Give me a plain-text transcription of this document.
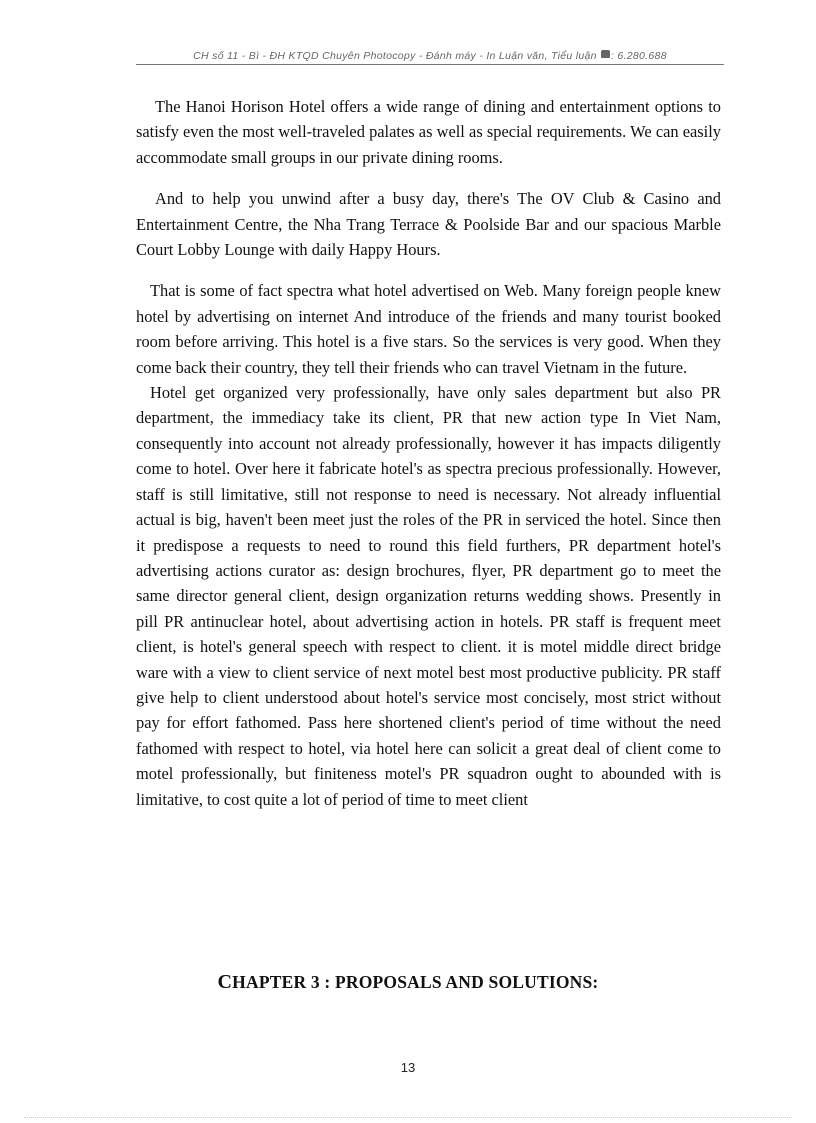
CH số 11 - Bì - ĐH KTQD Chuyên Photocopy - Đánh máy - In Luận văn, Tiểu luận : 6.280.688

The Hanoi Horison Hotel offers a wide range of dining and entertainment options to satisfy even the most well-traveled palates as well as special requirements. We can easily accommodate small groups in our private dining rooms.

And to help you unwind after a busy day, there's The OV Club & Casino and Entertainment Centre, the Nha Trang Terrace & Poolside Bar and our spacious Marble Court Lobby Lounge with daily Happy Hours.

That is some of fact spectra what hotel advertised on Web. Many foreign people knew hotel by advertising on internet And introduce of the friends and many tourist booked room before arriving. This hotel is a five stars. So the services is very good. When they come back their country, they tell their friends who can travel Vietnam in the future.

Hotel get organized very professionally, have only sales department but also PR department, the immediacy take its client, PR that new action type In Viet Nam, consequently into account not already professionally, however it has impacts diligently come to hotel. Over here it fabricate hotel's as spectra precious professionally. However, staff is still limitative, still not response to need is necessary. Not already influential actual is big, haven't been meet just the roles of the PR in serviced the hotel. Since then it predispose a requests to need to round this field furthers, PR department hotel's advertising actions curator as: design brochures, flyer, PR department go to meet the same director general client, design organization returns wedding shows. Presently in pill PR antinuclear hotel, about advertising action in hotels. PR staff is frequent meet client, is hotel's general speech with respect to client. it is motel middle direct bridge ware with a view to client service of next motel best most productive publicity. PR staff give help to client understood about hotel's service most concisely, most strict without pay for effort fathomed. Pass here shortened client's period of time without the need fathomed with respect to hotel, via hotel here can solicit a great deal of client come to motel professionally, but finiteness motel's PR squadron ought to abounded with is limitative, to cost quite a lot of period of time to meet client

CHAPTER 3 : PROPOSALS AND SOLUTIONS:
13
